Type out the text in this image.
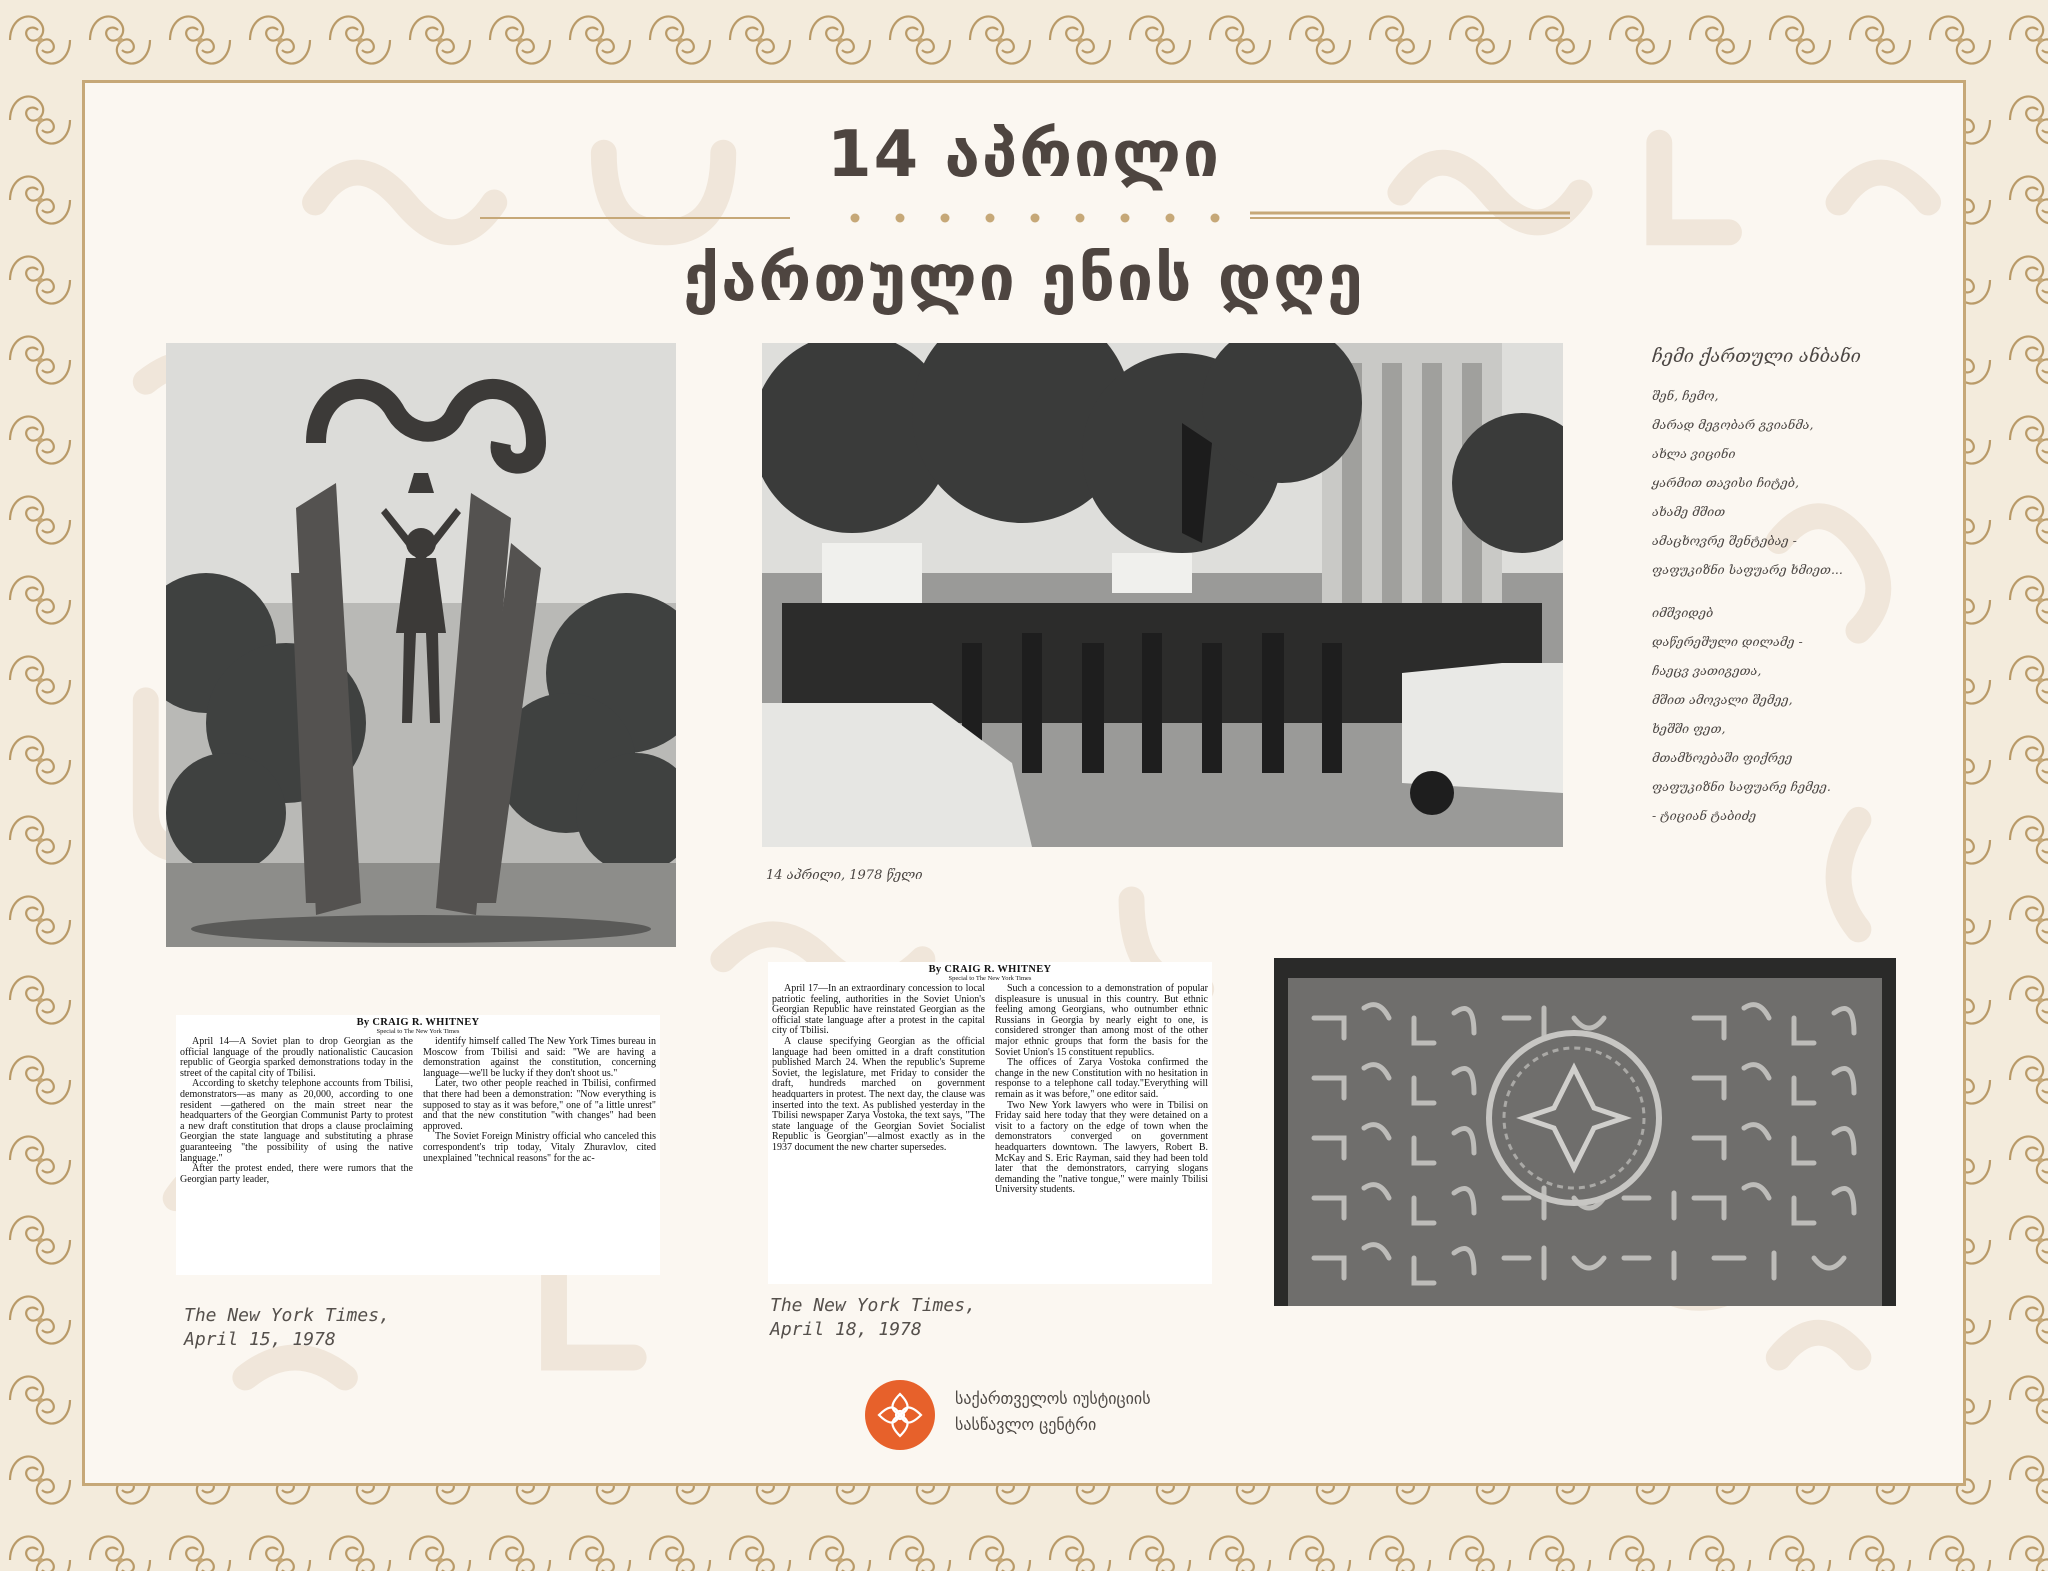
14 აპრილი
ქართული ენის დღე
14 აპრილი, 1978 წელი
ჩემი ქართული ანბანი
შენ, ჩემო,
მარად მეგობარ გვიანმა,
ახლა ვიცინი
ყარმით თავისი ჩიტებ,
ახამე მშით
ამაცხოვრე შენტებაე -
ფაფუკიზნი საფუარე ხმიეთ...
იმშვიდებ
დაწერეშული დილამე -
ჩაეცვ ვათიგეთა,
მშით ამოვალი შემეე,
ხეშში ფეთ,
მთამხოებაში ფიქრეე
ფაფუკიზნი საფუარე ჩემეე.
- ტიციან ტაბიძე
By CRAIG R. WHITNEY
Special to The New York Times

April 14—A Soviet plan to drop Georgian as the official language of the proudly nationalistic Caucasion republic of Georgia sparked demonstrations today in the street of the capital city of Tbilisi.

According to sketchy telephone accounts from Tbilisi, demonstrators—as many as 20,000, according to one resident —gathered on the main street near the headquarters of the Georgian Communist Party to protest a new draft constitution that drops a clause proclaiming Georgian the state language and substituting a phrase guaranteeing "the possibility of using the native language."

After the protest ended, there were rumors that the Georgian party leader,

identify himself called The New York Times bureau in Moscow from Tbilisi and said: "We are having a demonstration against the constitution, concerning language—we'll be lucky if they don't shoot us."

Later, two other people reached in Tbilisi, confirmed that there had been a demonstration: "Now everything is supposed to stay as it was before," one of "a little unrest" and that the new constitution "with changes" had been approved.

The Soviet Foreign Ministry official who canceled this correspondent's trip today, Vitaly Zhuravlov, cited unexplained "technical reasons" for the ac-

The New York Times,
April 15, 1978
By CRAIG R. WHITNEY
Special to The New York Times

April 17—In an extraordinary concession to local patriotic feeling, authorities in the Soviet Union's Georgian Republic have reinstated Georgian as the official state language after a protest in the capital city of Tbilisi.

A clause specifying Georgian as the official language had been omitted in a draft constitution published March 24. When the republic's Supreme Soviet, the legislature, met Friday to consider the draft, hundreds marched on government headquarters in protest. The next day, the clause was inserted into the text. As published yesterday in the Tbilisi newspaper Zarya Vostoka, the text says, "The state language of the Georgian Soviet Socialist Republic is Georgian"—almost exactly as in the 1937 document the new charter supersedes.

Such a concession to a demonstration of popular displeasure is unusual in this country. But ethnic feeling among Georgians, who outnumber ethnic Russians in Georgia by nearly eight to one, is considered stronger than among most of the other major ethnic groups that form the basis for the Soviet Union's 15 constituent republics.

The offices of Zarya Vostoka confirmed the change in the new Constitution with no hesitation in response to a telephone call today."Everything will remain as it was before," one editor said.

Two New York lawyers who were in Tbilisi on Friday said here today that they were detained on a visit to a factory on the edge of town when the demonstrators converged on government headquarters downtown. The lawyers, Robert B. McKay and S. Eric Rayman, said they had been told later that the demonstrators, carrying slogans demanding the "native tongue," were mainly Tbilisi University students.

The New York Times,
April 18, 1978
საქართველოს იუსტიციის
სასწავლო ცენტრი
